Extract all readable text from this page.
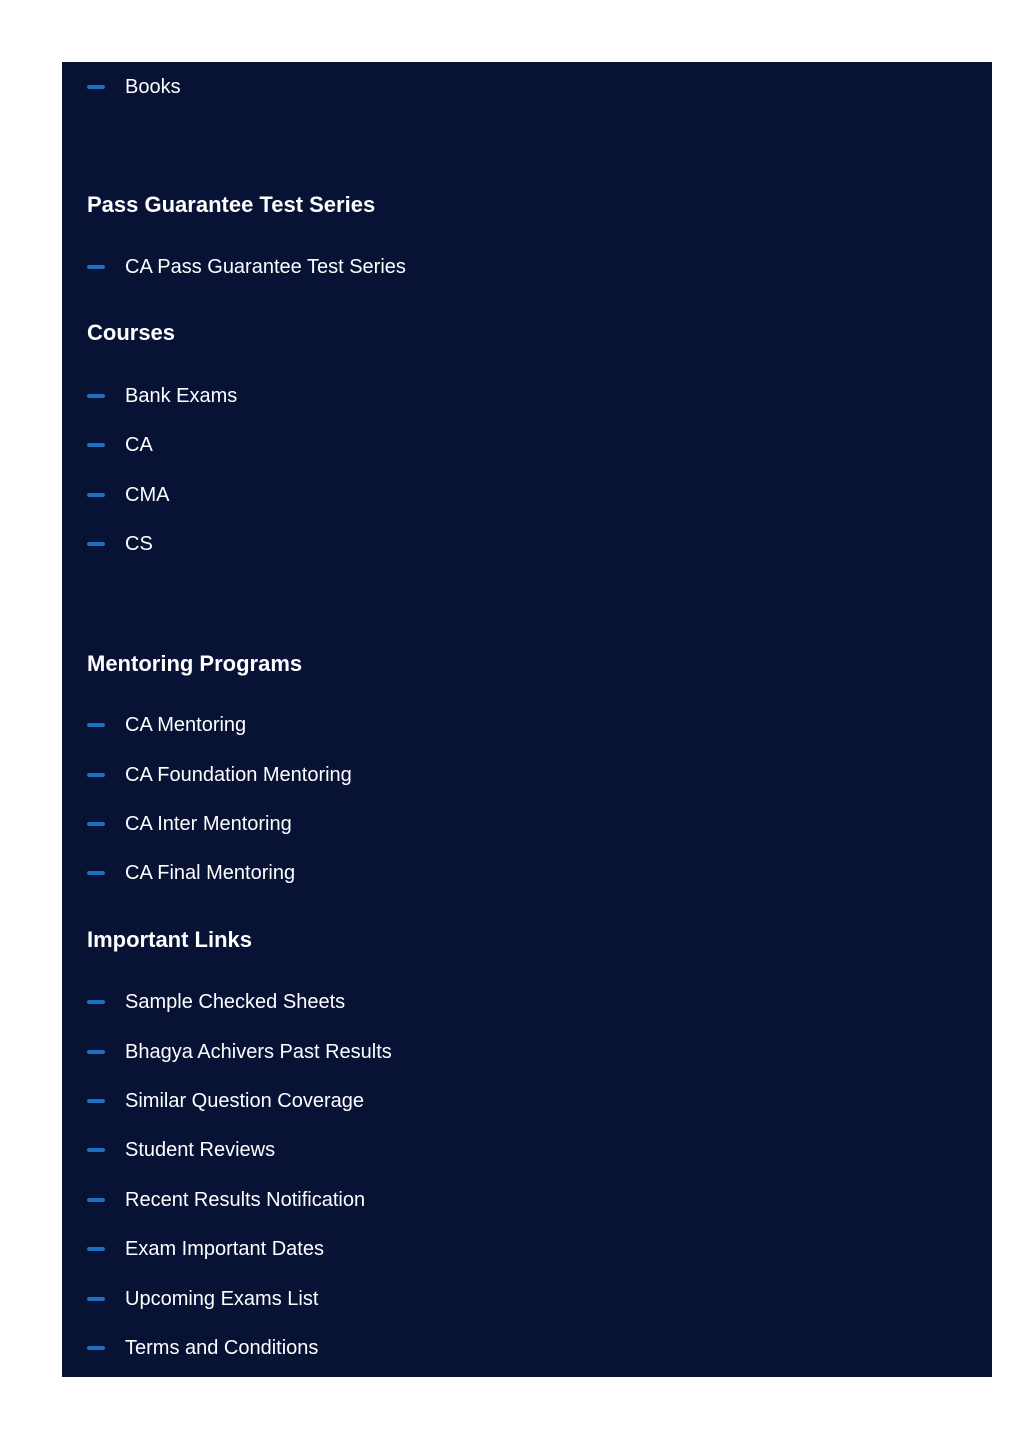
Books
Pass Guarantee Test Series
CA Pass Guarantee Test Series
Courses
Bank Exams
CA
CMA
CS
Mentoring Programs
CA Mentoring
CA Foundation Mentoring
CA Inter Mentoring
CA Final Mentoring
Important Links
Sample Checked Sheets
Bhagya Achivers Past Results
Similar Question Coverage
Student Reviews
Recent Results Notification
Exam Important Dates
Upcoming Exams List
Terms and Conditions
